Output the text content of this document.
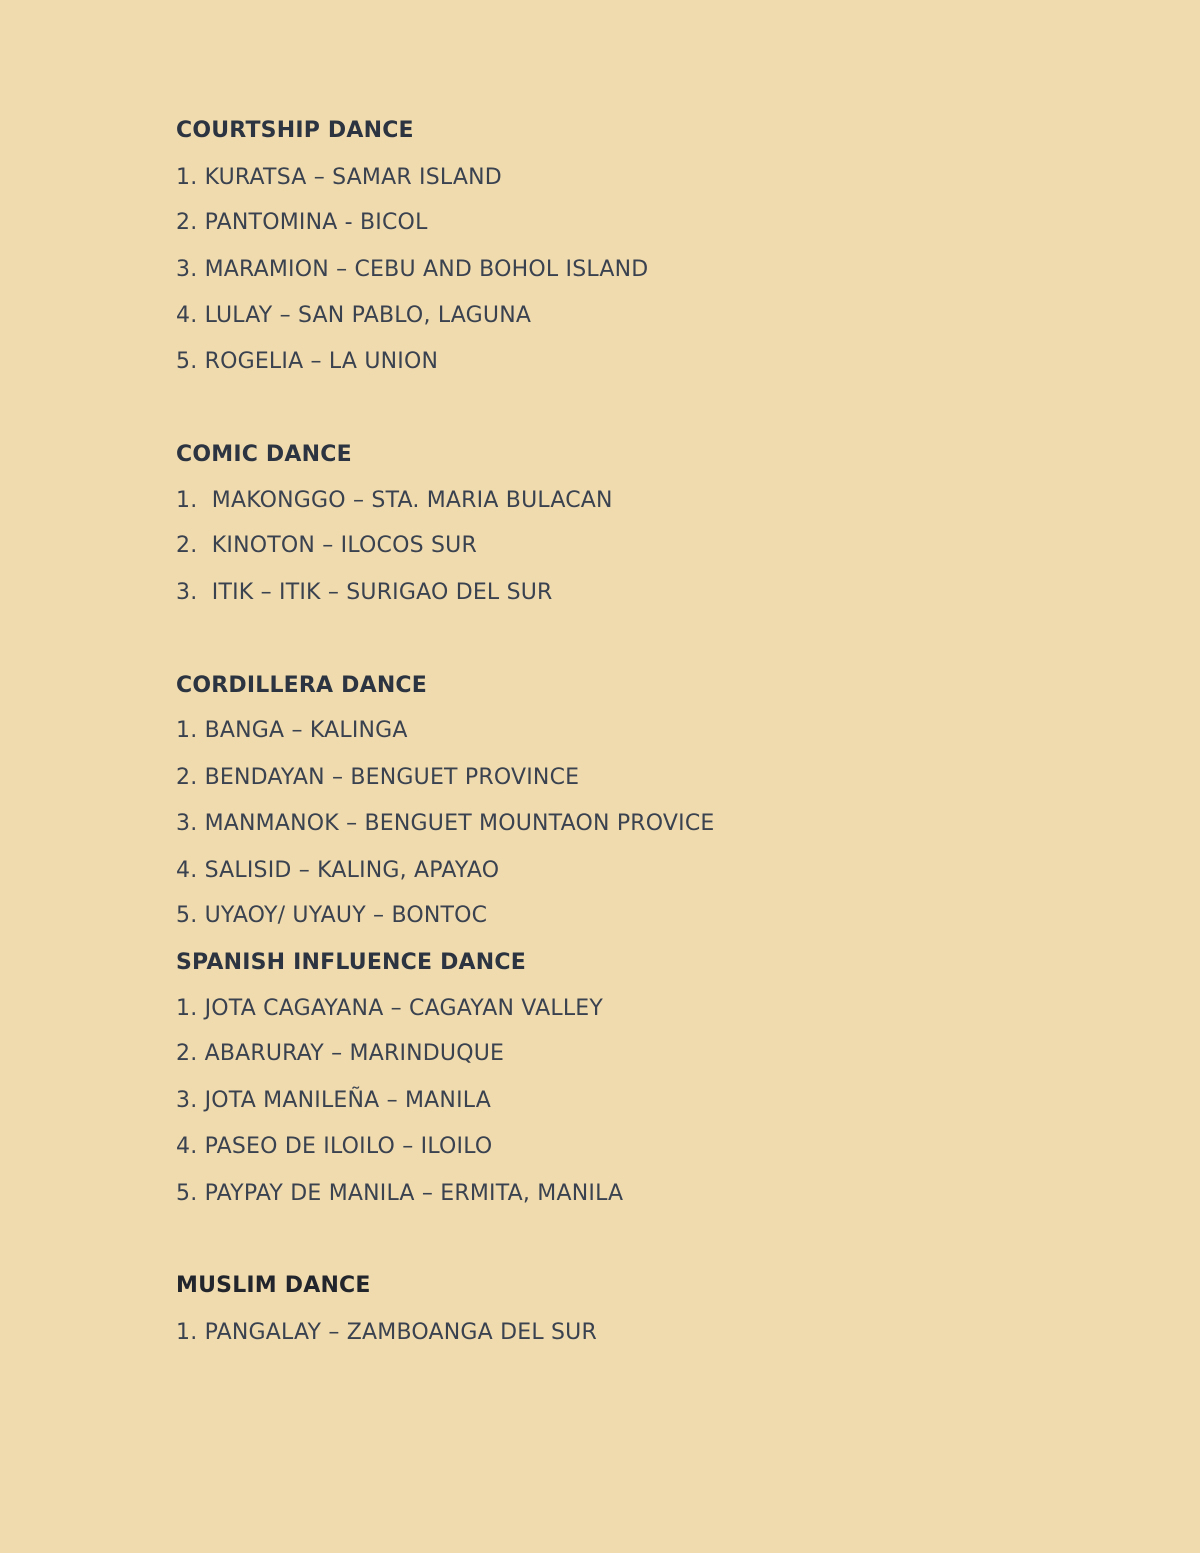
COURTSHIP DANCE
1. KURATSA – SAMAR ISLAND
2. PANTOMINA - BICOL
3. MARAMION – CEBU AND BOHOL ISLAND
4. LULAY – SAN PABLO, LAGUNA
5. ROGELIA – LA UNION
COMIC DANCE
1.  MAKONGGO – STA. MARIA BULACAN
2.  KINOTON – ILOCOS SUR
3.  ITIK – ITIK – SURIGAO DEL SUR
CORDILLERA DANCE
1. BANGA – KALINGA
2. BENDAYAN – BENGUET PROVINCE
3. MANMANOK – BENGUET MOUNTAON PROVICE
4. SALISID – KALING, APAYAO
5. UYAOY/ UYAUY – BONTOC
SPANISH INFLUENCE DANCE
1. JOTA CAGAYANA – CAGAYAN VALLEY
2. ABARURAY – MARINDUQUE
3. JOTA MANILEÑA – MANILA
4. PASEO DE ILOILO – ILOILO
5. PAYPAY DE MANILA – ERMITA, MANILA
MUSLIM DANCE
1. PANGALAY – ZAMBOANGA DEL SUR
